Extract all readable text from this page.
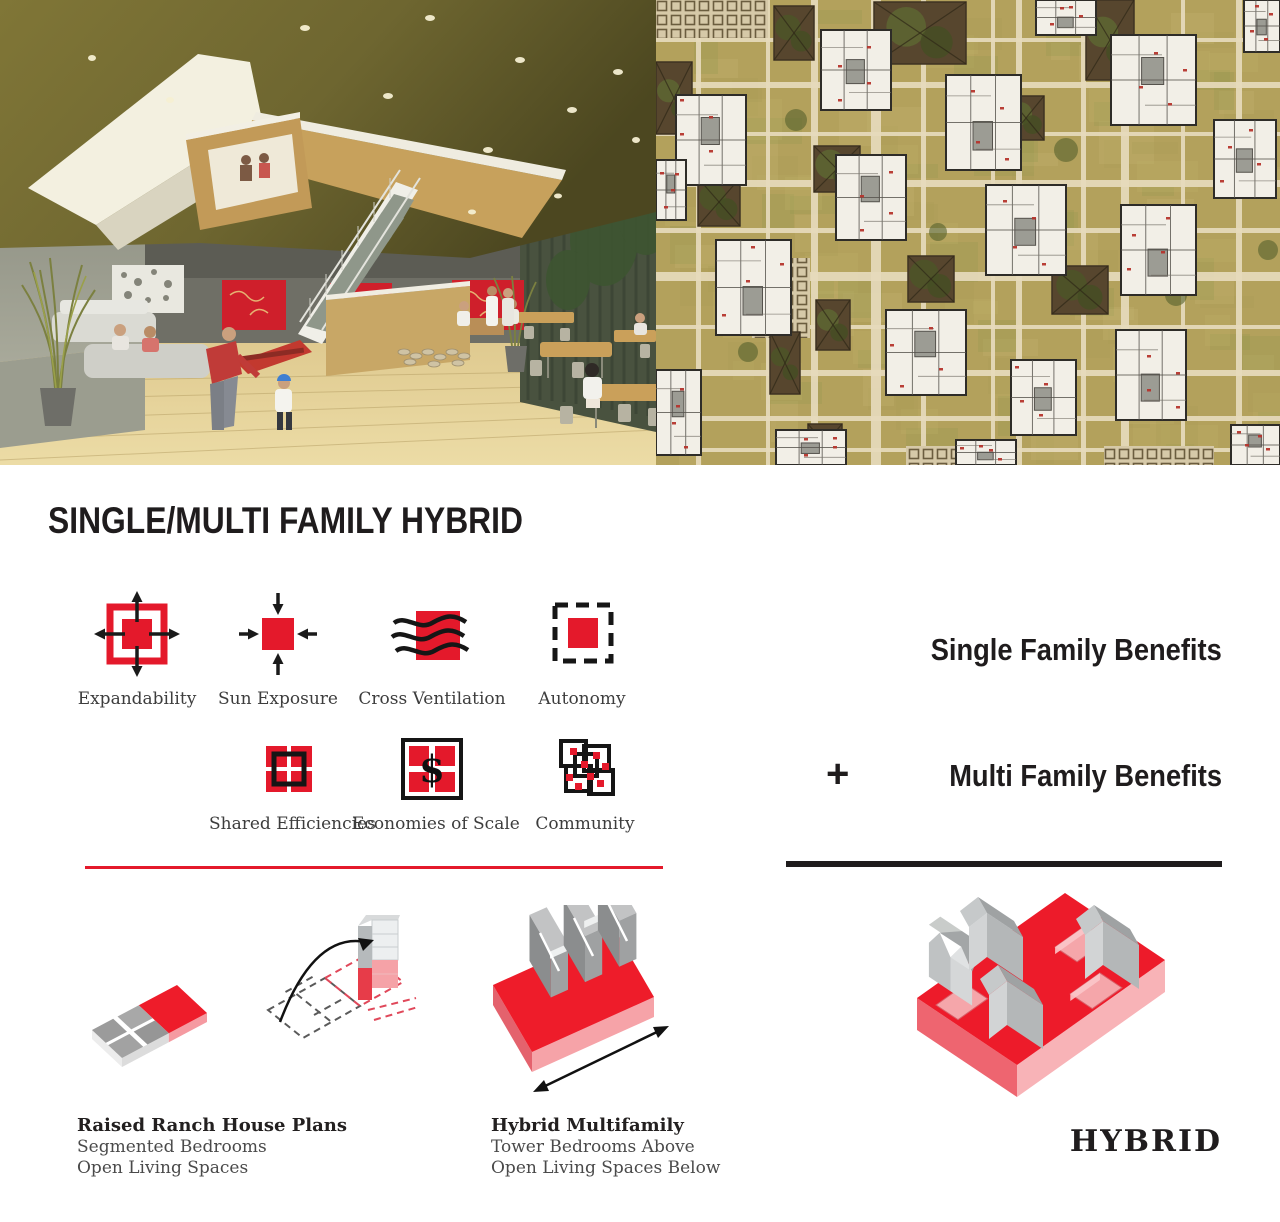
SINGLE/MULTI FAMILY HYBRID
Expandability	Sun Exposure	Cross Ventilation	Autonomy
Shared Efficiencies
$
Economies of Scale Community
Single Family Benefits
+	Multi Family Benefits
Raised Ranch House Plans
Segmented Bedrooms
Open Living Spaces
Hybrid Multifamily
Tower Bedrooms Above
Open Living Spaces Below
HYBRID
